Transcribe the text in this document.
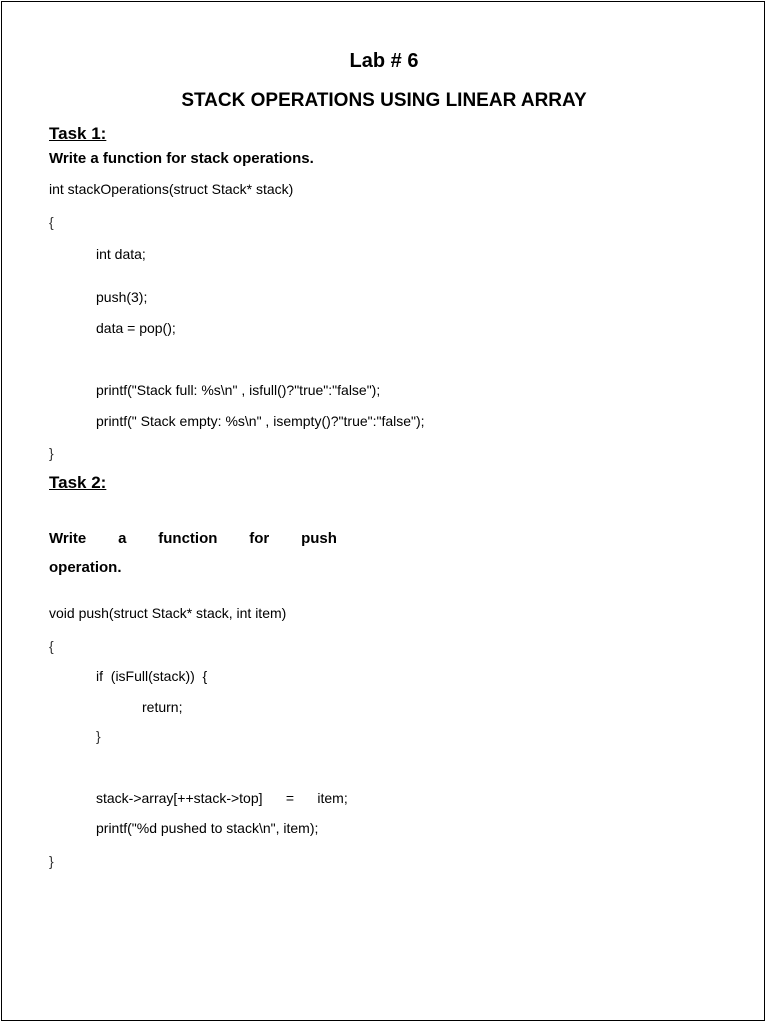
Lab # 6
STACK OPERATIONS USING LINEAR ARRAY
Task 1:
Write a function for stack operations.
int stackOperations(struct Stack* stack)
{
int data;
push(3);
data = pop();
printf("Stack full: %s\n" , isfull()?"true":"false");
printf(" Stack empty: %s\n" , isempty()?"true":"false");
}
Task 2:
Write a function for push
operation.
void push(struct Stack* stack, int item)
{
if  (isFull(stack))  {
return;
}
stack->array[++stack->top]      =      item;
printf("%d pushed to stack\n", item);
}
